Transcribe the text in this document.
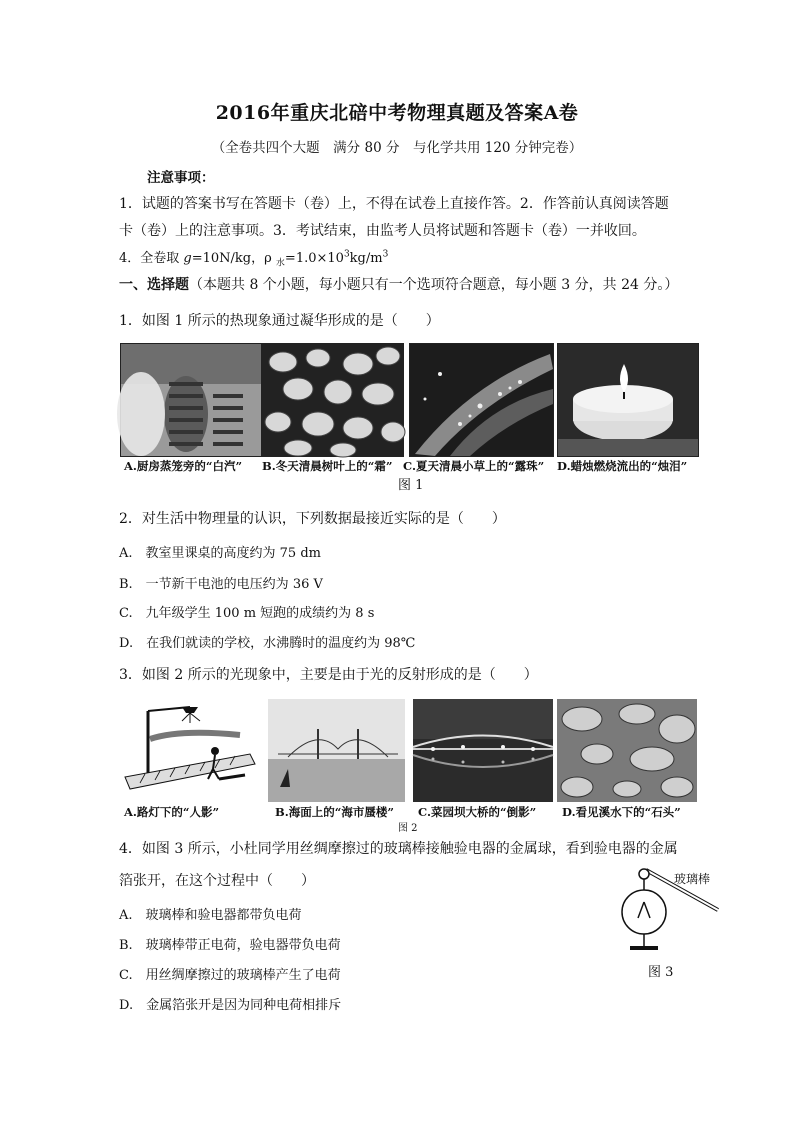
2016年重庆北碚中考物理真题及答案A卷
（全卷共四个大题　满分 80 分　与化学共用 120 分钟完卷）
注意事项：
1．试题的答案书写在答题卡（卷）上，不得在试卷上直接作答。2．作答前认真阅读答题
卡（卷）上的注意事项。3．考试结束，由监考人员将试题和答题卡（卷）一并收回。
4．全卷取 g=10N/kg，ρ $_水=1.0\times 10^3kg/m^3$
一、选择题（本题共 8 个小题，每小题只有一个选项符合题意，每小题 3 分，共 24 分。）
1．如图 1 所示的热现象通过凝华形成的是（　　）
A.厨房蒸笼旁的“白汽” B.冬天清晨树叶上的“霜” C.夏天清晨小草上的“露珠” D.蜡烛燃烧流出的“烛泪”
图 1
2．对生活中物理量的认识，下列数据最接近实际的是（　　）
A.　教室里课桌的高度约为 75 dm
B.　一节新干电池的电压约为 36 V
C.　九年级学生 100 m 短跑的成绩约为 8 s
D.　在我们就读的学校，水沸腾时的温度约为 98℃
3．如图 2 所示的光现象中，主要是由于光的反射形成的是（　　）
A.路灯下的“人影”	B.海面上的“海市蜃楼” C.菜园坝大桥的“倒影” D.看见溪水下的“石头”
图 2
4．如图 3 所示，小杜同学用丝绸摩擦过的玻璃棒接触验电器的金属球，看到验电器的金属
箔张开，在这个过程中（　　）
A.　玻璃棒和验电器都带负电荷
B.　玻璃棒带正电荷，验电器带负电荷
C.　用丝绸摩擦过的玻璃棒产生了电荷
D.　金属箔张开是因为同种电荷相排斥
玻璃棒
图 3
